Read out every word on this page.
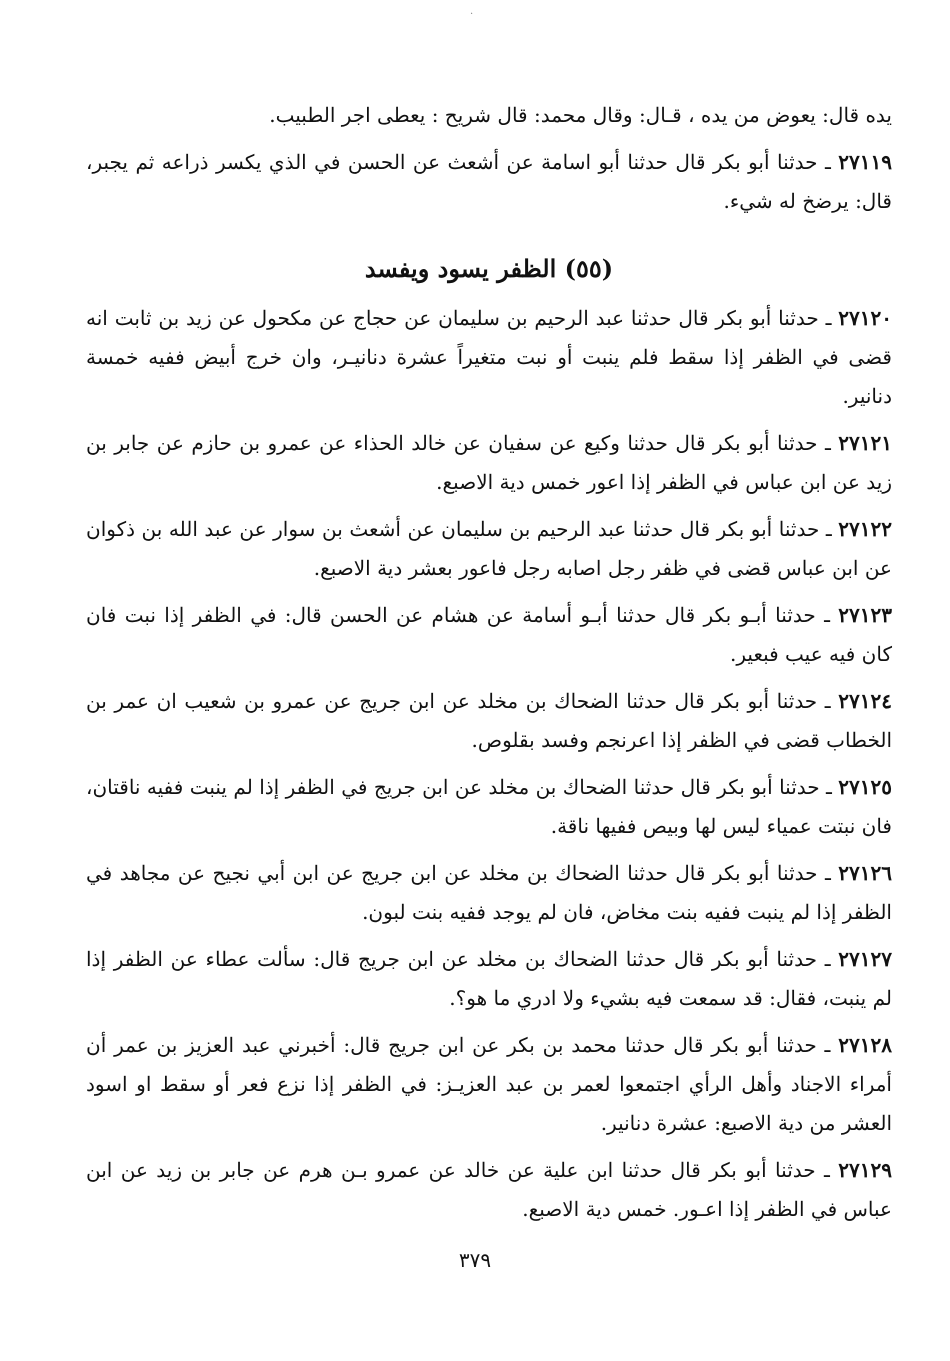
.

يده قال: يعوض من يده ، قـال: وقال محمد: قال شريح : يعطى اجر الطبيب.

٢٧١١٩ ـ حدثنا أبو بكر قال حدثنا أبو اسامة عن أشعث عن الحسن في الذي يكسر ذراعه ثم يجبر، قال: يرضخ له شيء.

(٥٥) الظفر يسود ويفسد

٢٧١٢٠ ـ حدثنا أبو بكر قال حدثنا عبد الرحيم بن سليمان عن حجاج عن مكحول عن زيد بن ثابت انه قضى في الظفر إذا سقط فلم ينبت أو نبت متغيراً عشرة دنانيـر، وان خرج أبيض ففيه خمسة دنانير.

٢٧١٢١ ـ حدثنا أبو بكر قال حدثنا وكيع عن سفيان عن خالد الحذاء عن عمرو بن حازم عن جابر بن زيد عن ابن عباس في الظفر إذا اعور خمس دية الاصبع.

٢٧١٢٢ ـ حدثنا أبو بكر قال حدثنا عبد الرحيم بن سليمان عن أشعث بن سوار عن عبد الله بن ذكوان عن ابن عباس قضى في ظفر رجل اصابه رجل فاعور بعشر دية الاصبع.

٢٧١٢٣ ـ حدثنا أبـو بكر قال حدثنا أبـو أسامة عن هشام عن الحسن قال: في الظفر إذا نبت فان كان فيه عيب فبعير.

٢٧١٢٤ ـ حدثنا أبو بكر قال حدثنا الضحاك بن مخلد عن ابن جريج عن عمرو بن شعيب ان عمر بن الخطاب قضى في الظفر إذا اعرنجم وفسد بقلوص.

٢٧١٢٥ ـ حدثنا أبو بكر قال حدثنا الضحاك بن مخلد عن ابن جريج في الظفر إذا لم ينبت ففيه ناقتان، فان نبتت عمياء ليس لها وبيص ففيها ناقة.

٢٧١٢٦ ـ حدثنا أبو بكر قال حدثنا الضحاك بن مخلد عن ابن جريج عن ابن أبي نجيح عن مجاهد في الظفر إذا لم ينبت ففيه بنت مخاض، فان لم يوجد ففيه بنت لبون.

٢٧١٢٧ ـ حدثنا أبو بكر قال حدثنا الضحاك بن مخلد عن ابن جريج قال: سألت عطاء عن الظفر إذا لم ينبت، فقال: قد سمعت فيه بشيء ولا ادري ما هو؟.

٢٧١٢٨ ـ حدثنا أبو بكر قال حدثنا محمد بن بكر عن ابن جريج قال: أخبرني عبد العزيز بن عمر أن أمراء الاجناد وأهل الرأي اجتمعوا لعمر بن عبد العزيـز: في الظفر إذا نزع فعر أو سقط او اسود العشر من دية الاصبع: عشرة دنانير.

٢٧١٢٩ ـ حدثنا أبو بكر قال حدثنا ابن علية عن خالد عن عمرو بـن هرم عن جابر بن زيد عن ابن عباس في الظفر إذا اعـور. خمس دية الاصبع.

٣٧٩
